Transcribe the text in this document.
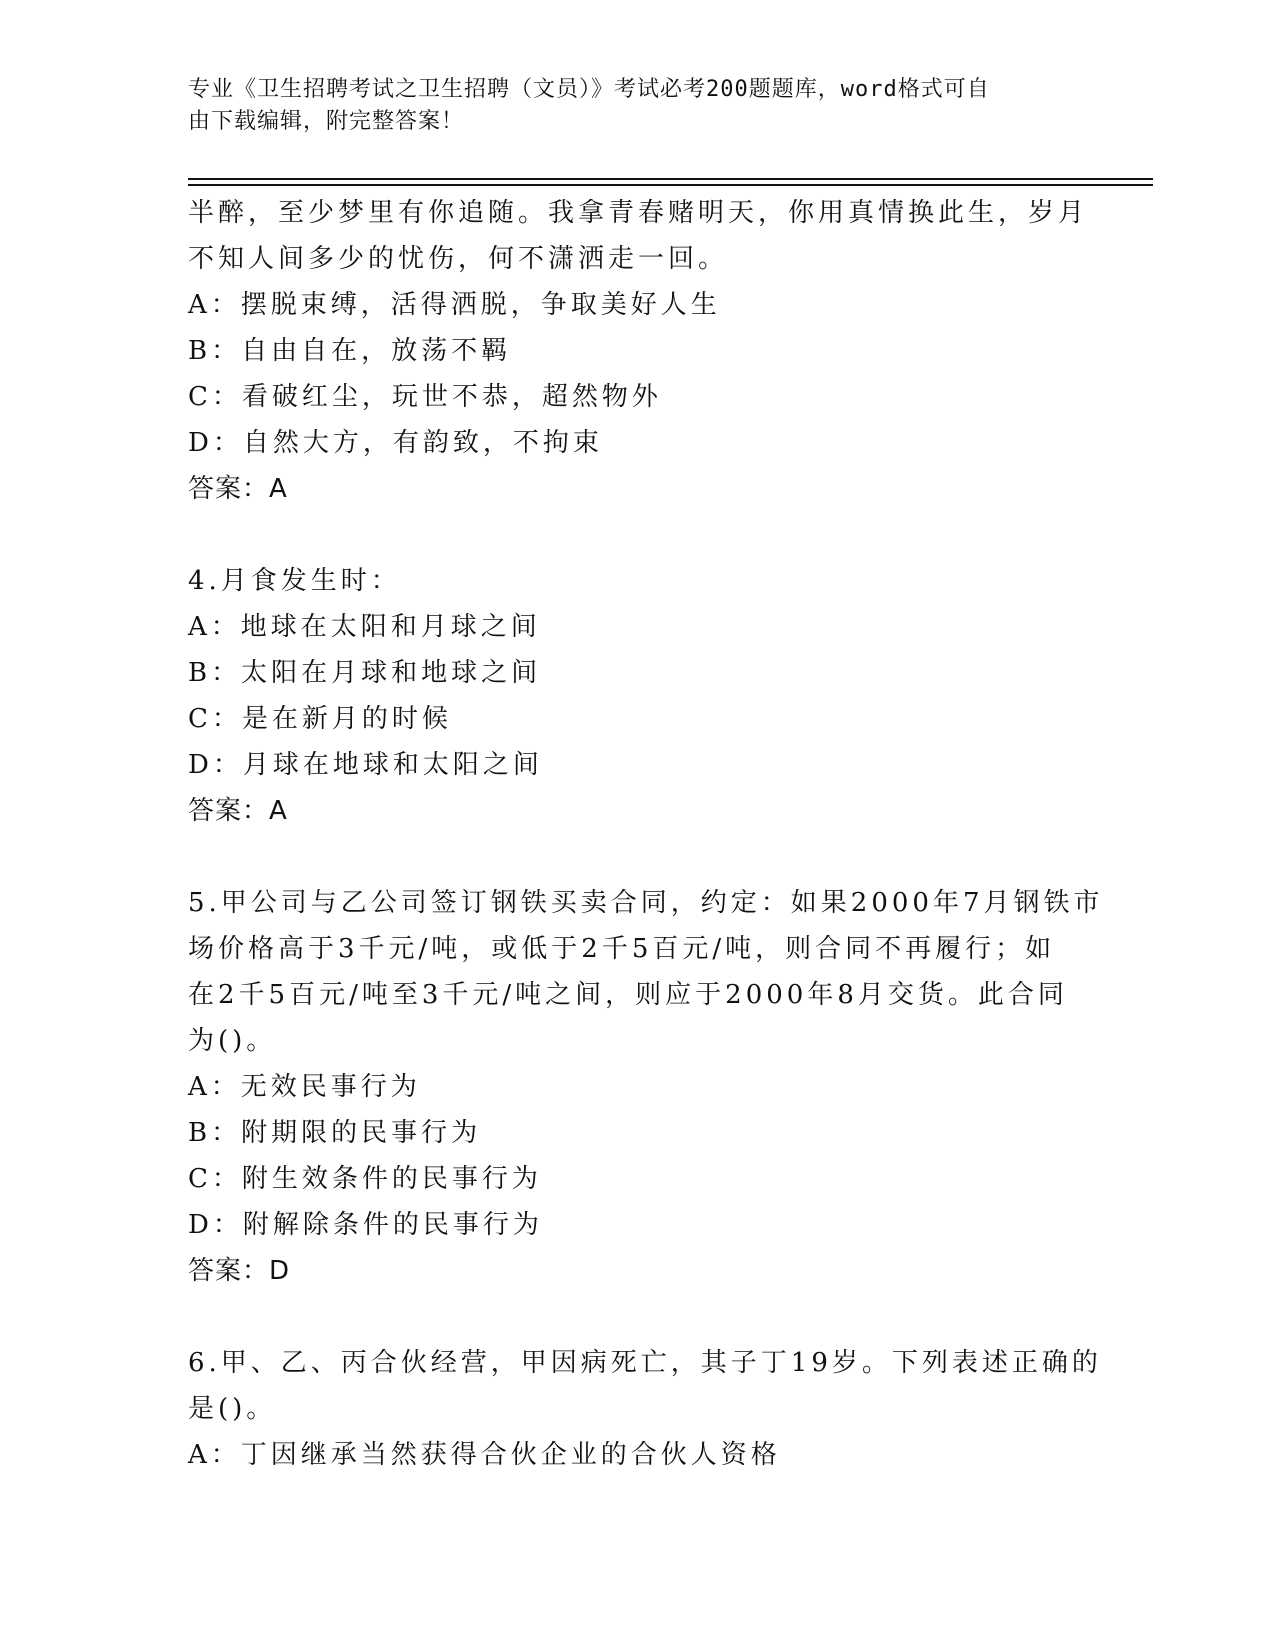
专业《卫生招聘考试之卫生招聘（文员）》考试必考200题题库，word格式可自
由下载编辑，附完整答案！
半醉，至少梦里有你追随。我拿青春赌明天，你用真情换此生，岁月
不知人间多少的忧伤，何不潇洒走一回。
A：摆脱束缚，活得洒脱，争取美好人生
B：自由自在，放荡不羁
C：看破红尘，玩世不恭，超然物外
D：自然大方，有韵致，不拘束
答案：A
4.月食发生时：
A：地球在太阳和月球之间
B：太阳在月球和地球之间
C：是在新月的时候
D：月球在地球和太阳之间
答案：A
5.甲公司与乙公司签订钢铁买卖合同，约定：如果2000年7月钢铁市
场价格高于3千元/吨，或低于2千5百元/吨，则合同不再履行；如
在2千5百元/吨至3千元/吨之间，则应于2000年8月交货。此合同
为()。
A：无效民事行为
B：附期限的民事行为
C：附生效条件的民事行为
D：附解除条件的民事行为
答案：D
6.甲、乙、丙合伙经营，甲因病死亡，其子丁19岁。下列表述正确的
是()。
A：丁因继承当然获得合伙企业的合伙人资格
